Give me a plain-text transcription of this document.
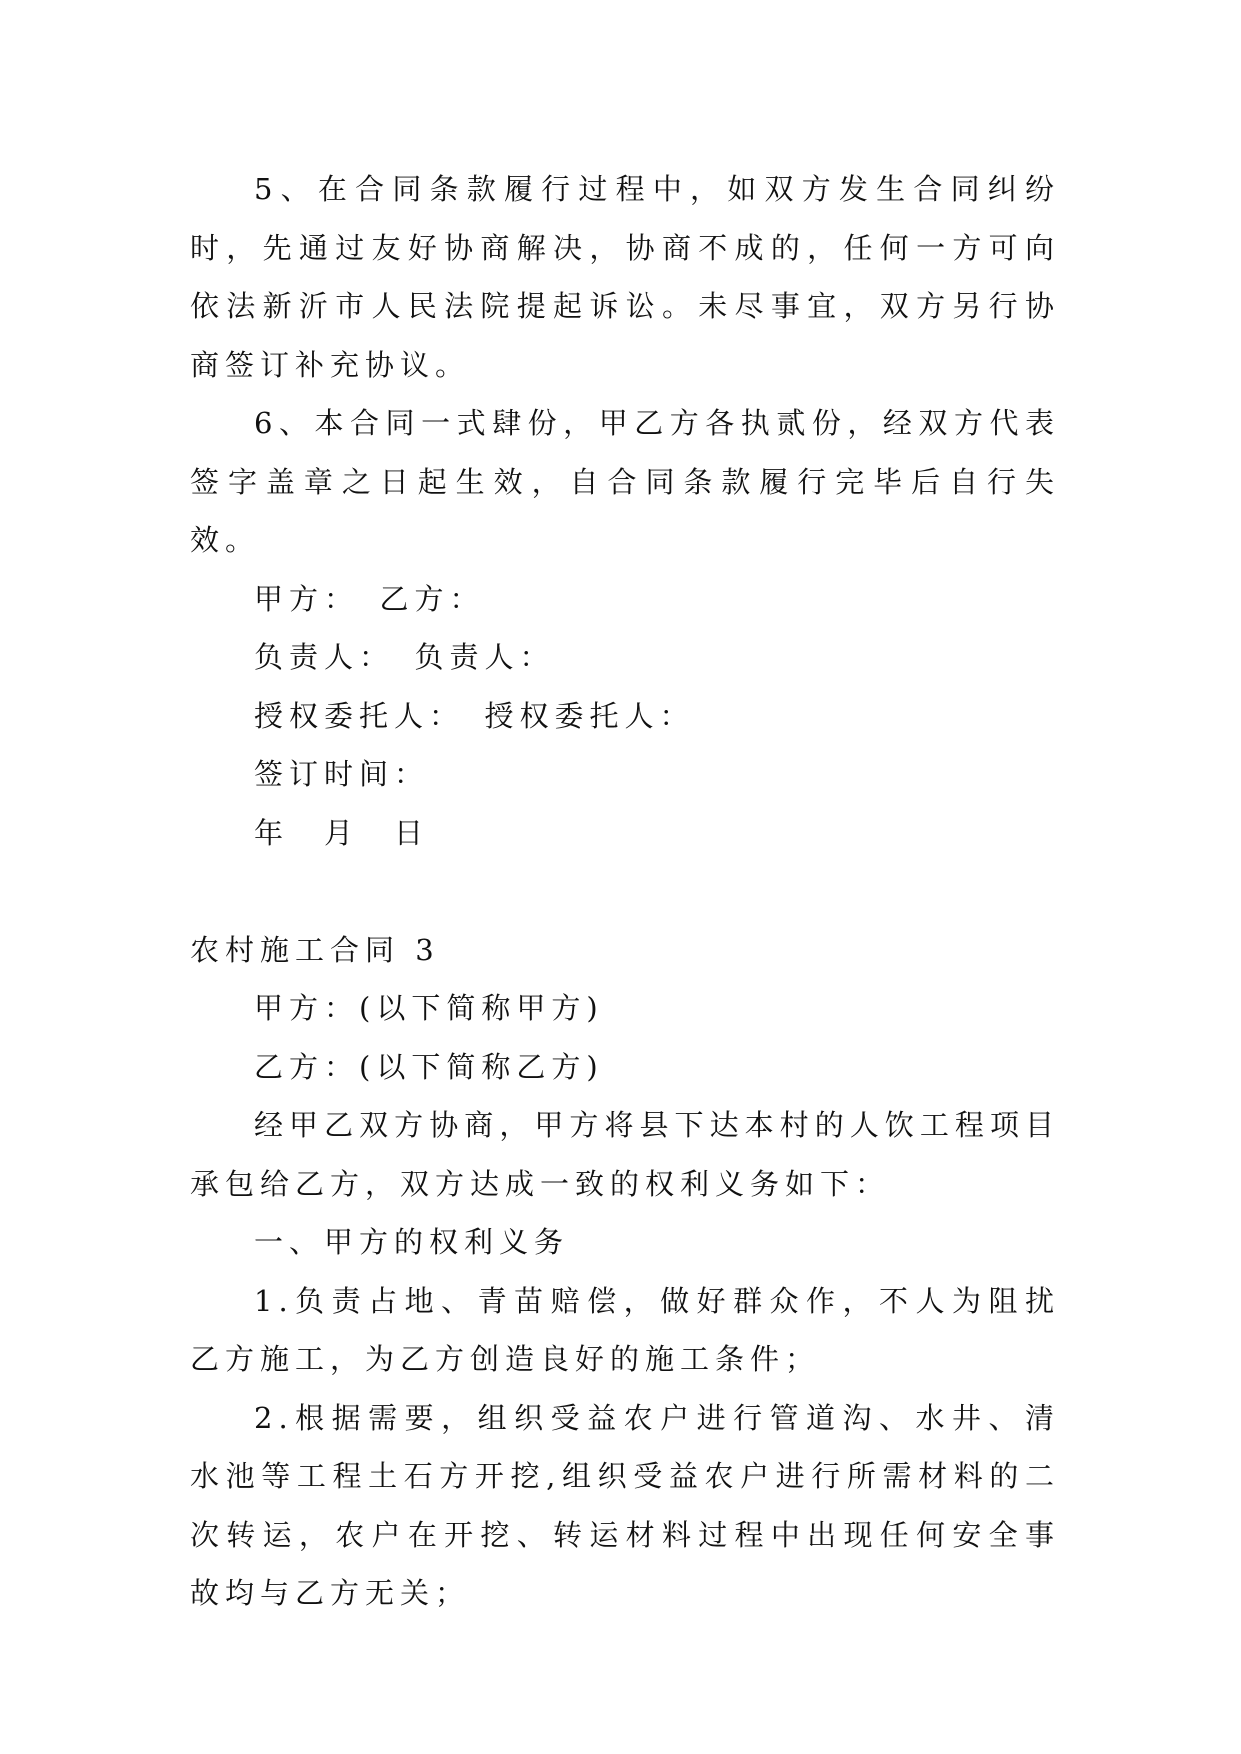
5、在合同条款履行过程中，如双方发生合同纠纷时，先通过友好协商解决，协商不成的，任何一方可向依法新沂市人民法院提起诉讼。未尽事宜，双方另行协商签订补充协议。

6、本合同一式肆份，甲乙方各执贰份，经双方代表签字盖章之日起生效，自合同条款履行完毕后自行失效。

甲方：　乙方：

负责人：　负责人：

授权委托人：　授权委托人：

签订时间：

年　月　日

农村施工合同 3

甲方：(以下简称甲方)

乙方：(以下简称乙方)

经甲乙双方协商，甲方将县下达本村的人饮工程项目承包给乙方，双方达成一致的权利义务如下：

一、甲方的权利义务

1.负责占地、青苗赔偿，做好群众作，不人为阻扰乙方施工，为乙方创造良好的施工条件；

2.根据需要，组织受益农户进行管道沟、水井、清水池等工程土石方开挖,组织受益农户进行所需材料的二次转运，农户在开挖、转运材料过程中出现任何安全事故均与乙方无关；
